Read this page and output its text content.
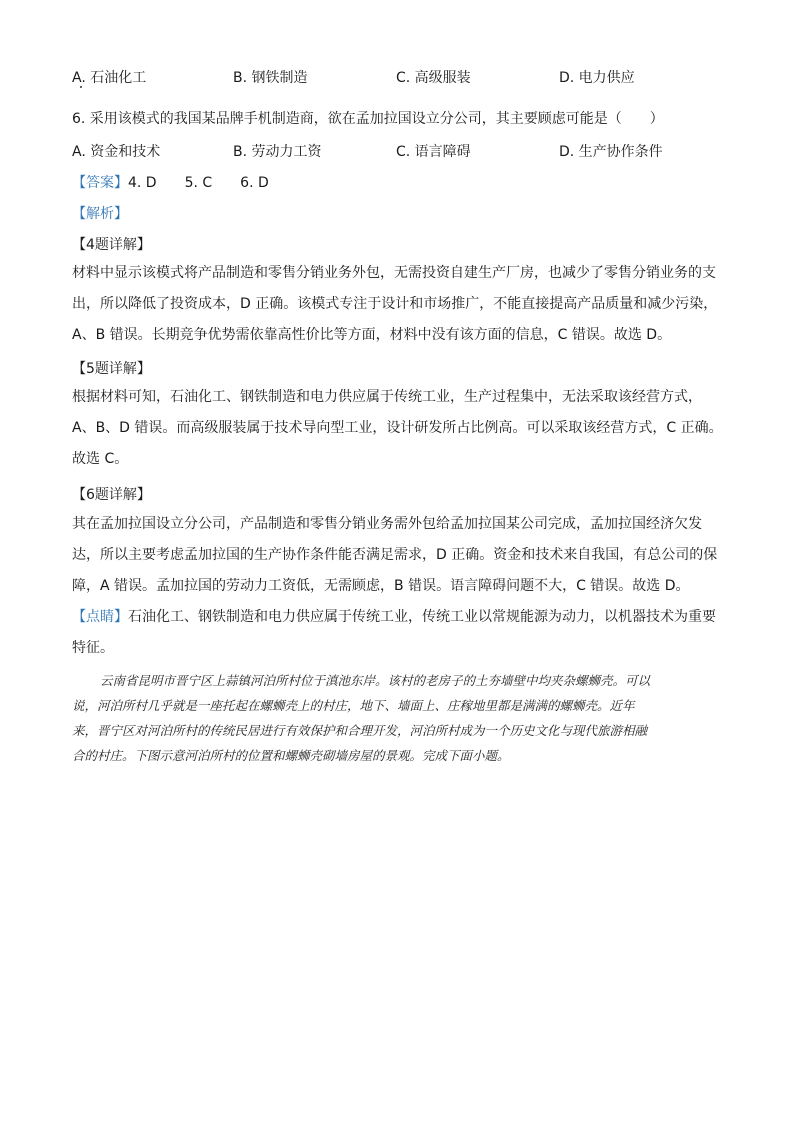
A. 石油化工	B. 钢铁制造	C. 高级服装	D. 电力供应
6. 采用该模式的我国某品牌手机制造商，欲在孟加拉国设立分公司，其主要顾虑可能是（　　）
A. 资金和技术	B. 劳动力工资	C. 语言障碍	D. 生产协作条件
【答案】4. D　　5. C　　6. D
【解析】
【4题详解】
材料中显示该模式将产品制造和零售分销业务外包，无需投资自建生产厂房，也减少了零售分销业务的支
出，所以降低了投资成本，D 正确。该模式专注于设计和市场推广，不能直接提高产品质量和减少污染，
A、B 错误。长期竞争优势需依靠高性价比等方面，材料中没有该方面的信息，C 错误。故选 D。
【5题详解】
根据材料可知，石油化工、钢铁制造和电力供应属于传统工业，生产过程集中，无法采取该经营方式，
A、B、D 错误。而高级服装属于技术导向型工业，设计研发所占比例高。可以采取该经营方式，C 正确。
故选 C。
【6题详解】
其在孟加拉国设立分公司，产品制造和零售分销业务需外包给孟加拉国某公司完成，孟加拉国经济欠发
达，所以主要考虑孟加拉国的生产协作条件能否满足需求，D 正确。资金和技术来自我国，有总公司的保
障，A 错误。孟加拉国的劳动力工资低，无需顾虑，B 错误。语言障碍问题不大，C 错误。故选 D。
【点睛】石油化工、钢铁制造和电力供应属于传统工业，传统工业以常规能源为动力，以机器技术为重要
特征。
云南省昆明市晋宁区上蒜镇河泊所村位于滇池东岸。该村的老房子的土夯墙壁中均夹杂螺蛳壳。可以
说，河泊所村几乎就是一座托起在螺蛳壳上的村庄，地下、墙面上、庄稼地里都是满满的螺蛳壳。近年
来，晋宁区对河泊所村的传统民居进行有效保护和合理开发，河泊所村成为一个历史文化与现代旅游相融
合的村庄。下图示意河泊所村的位置和螺蛳壳砌墙房屋的景观。完成下面小题。
